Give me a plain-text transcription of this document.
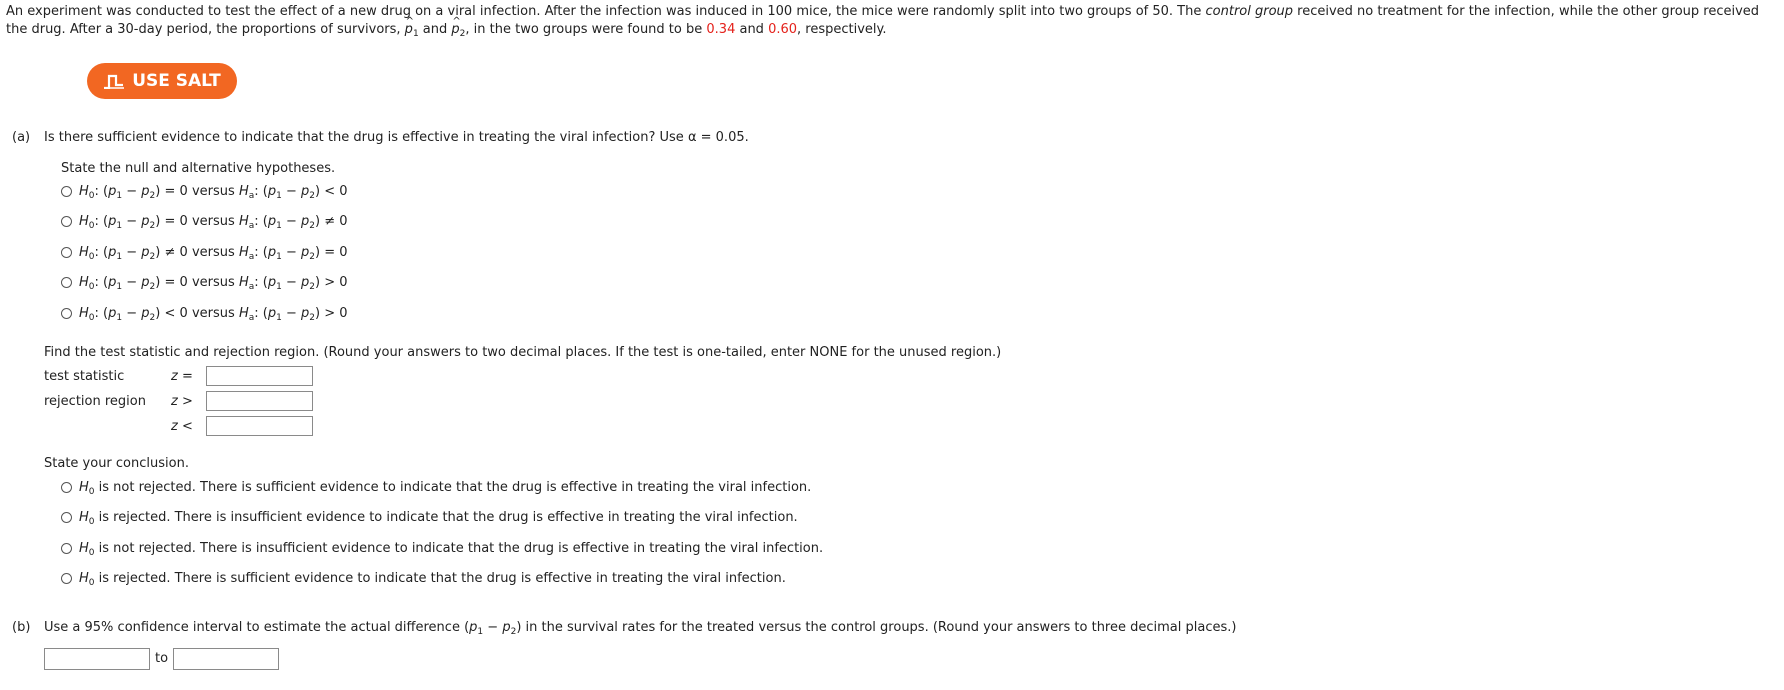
An experiment was conducted to test the effect of a new drug on a viral infection. After the infection was induced in 100 mice, the mice were randomly split into two groups of 50. The control group received no treatment for the infection, while the other group received the drug. After a 30-day period, the proportions of survivors, ^ $p_1$ and ^ $p_2$, in the two groups were found to be 0.34 and 0.60, respectively.
USE SALT
(a) Is there sufficient evidence to indicate that the drug is effective in treating the viral infection? Use α = 0.05.
State the null and alternative hypotheses.
$H_0$: $(p_1 - p_2) = 0$ versus $H_a$: $(p_1 - p_2) < 0$
$H_0$: $(p_1 - p_2) = 0$ versus $H_a$: $(p_1 - p_2) \ne 0$
$H_0$: $(p_1 - p_2) \ne 0$ versus $H_a$: $(p_1 - p_2) = 0$
$H_0$: $(p_1 - p_2) = 0$ versus $H_a$: $(p_1 - p_2) > 0$
$H_0$: $(p_1 - p_2) < 0$ versus $H_a$: $(p_1 - p_2) > 0$
Find the test statistic and rejection region. (Round your answers to two decimal places. If the test is one-tailed, enter NONE for the unused region.)
test statistic	z =
rejection region z >
z <
State your conclusion.
$H_0$ is not rejected. There is sufficient evidence to indicate that the drug is effective in treating the viral infection.
$H_0$ is rejected. There is insufficient evidence to indicate that the drug is effective in treating the viral infection.
$H_0$ is not rejected. There is insufficient evidence to indicate that the drug is effective in treating the viral infection.
$H_0$ is rejected. There is sufficient evidence to indicate that the drug is effective in treating the viral infection.
(b) Use a 95% confidence interval to estimate the actual difference $(p_1 - p_2)$ in the survival rates for the treated versus the control groups. (Round your answers to three decimal places.)
to
